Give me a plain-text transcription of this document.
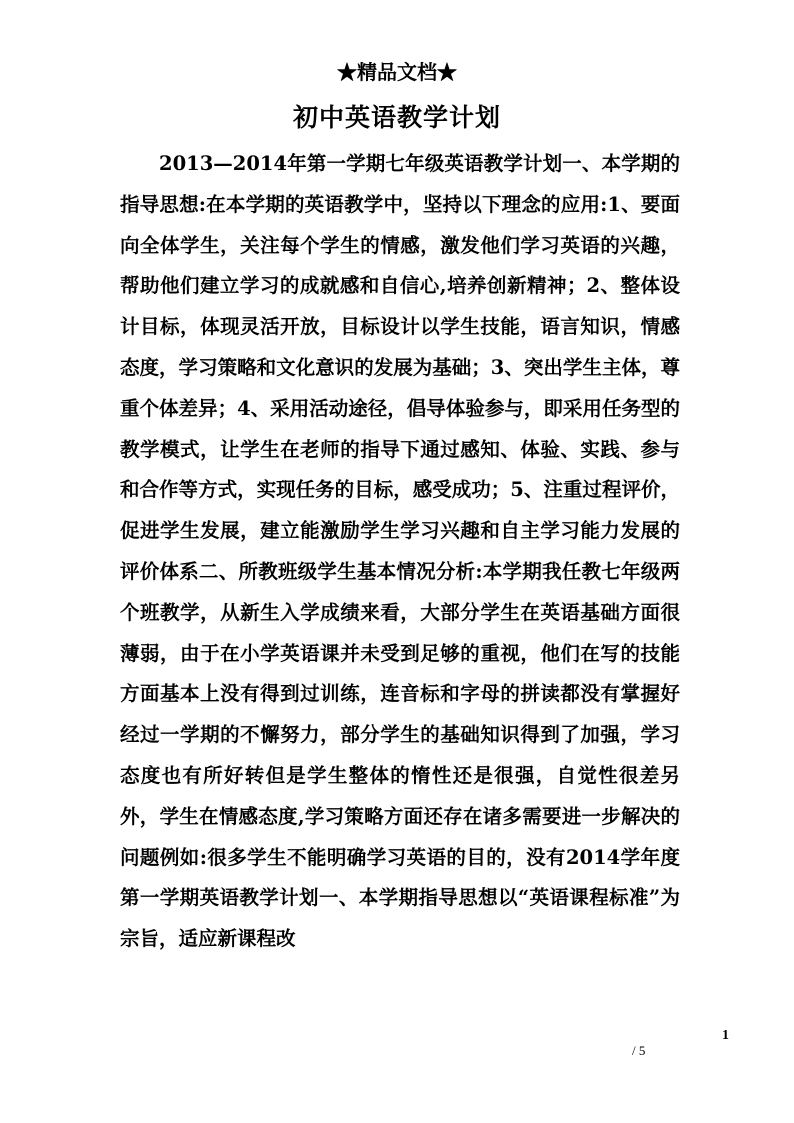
★精品文档★
初中英语教学计划

2013—2014年第一学期七年级英语教学计划一、本学期的指导思想:在本学期的英语教学中，坚持以下理念的应用:1、要面向全体学生，关注每个学生的情感，激发他们学习英语的兴趣，帮助他们建立学习的成就感和自信心,培养创新精神；2、整体设计目标，体现灵活开放，目标设计以学生技能，语言知识，情感态度，学习策略和文化意识的发展为基础；3、突出学生主体，尊重个体差异；4、采用活动途径，倡导体验参与，即采用任务型的教学模式，让学生在老师的指导下通过感知、体验、实践、参与和合作等方式，实现任务的目标，感受成功；5、注重过程评价，促进学生发展，建立能激励学生学习兴趣和自主学习能力发展的评价体系二、所教班级学生基本情况分析:本学期我任教七年级两个班教学，从新生入学成绩来看，大部分学生在英语基础方面很薄弱，由于在小学英语课并未受到足够的重视，他们在写的技能方面基本上没有得到过训练，连音标和字母的拼读都没有掌握好经过一学期的不懈努力，部分学生的基础知识得到了加强，学习态度也有所好转但是学生整体的惰性还是很强，自觉性很差另外，学生在情感态度,学习策略方面还存在诸多需要进一步解决的问题例如:很多学生不能明确学习英语的目的，没有2014学年度第一学期英语教学计划一、本学期指导思想以“英语课程标准”为宗旨，适应新课程改

1
/ 5
